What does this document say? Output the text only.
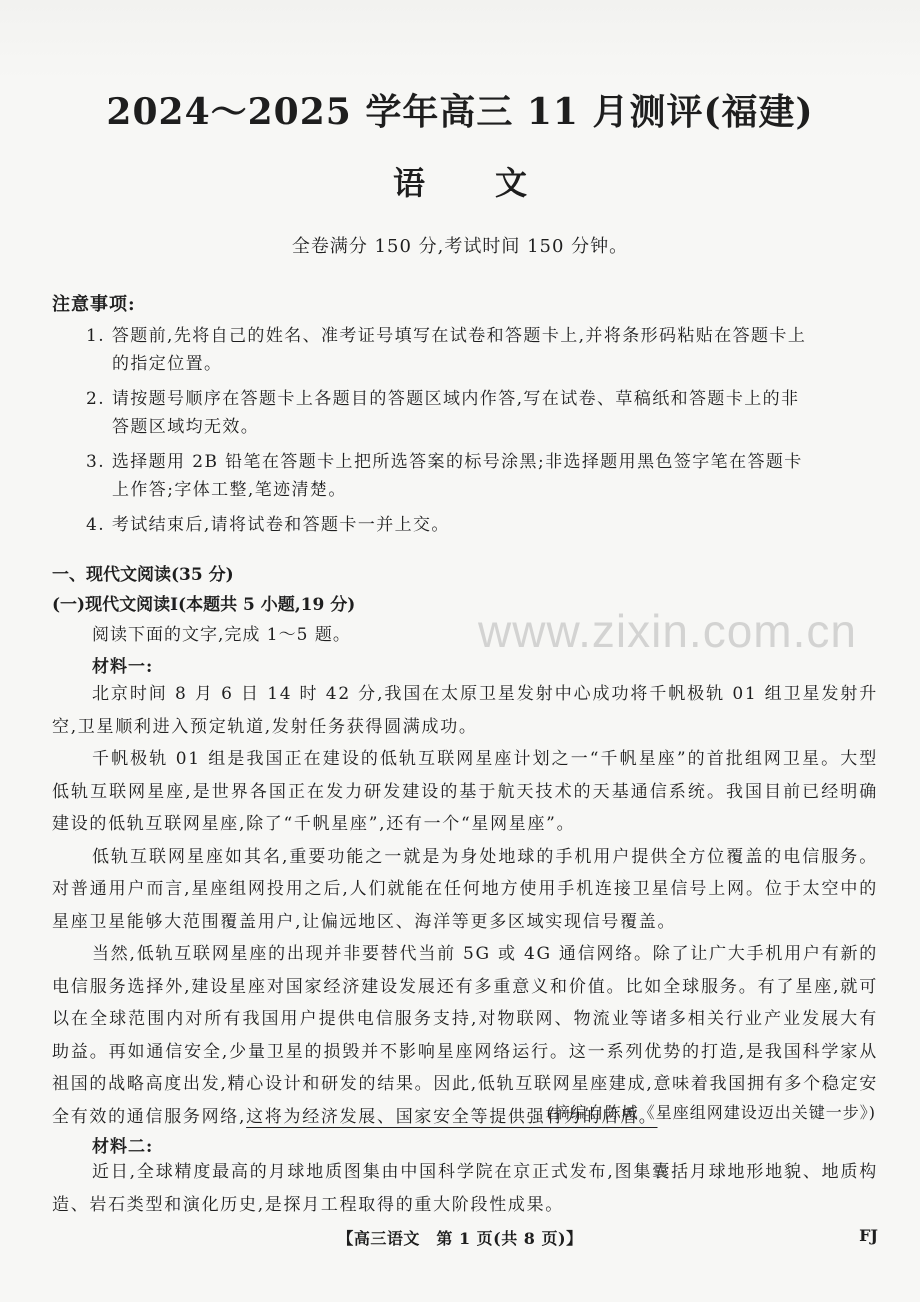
www.zixin.com.cn
2024～2025 学年高三 11 月测评(福建)
语文
全卷满分 150 分,考试时间 150 分钟。
注意事项:
1. 答题前,先将自己的姓名、准考证号填写在试卷和答题卡上,并将条形码粘贴在答题卡上
的指定位置。
2. 请按题号顺序在答题卡上各题目的答题区域内作答,写在试卷、草稿纸和答题卡上的非
答题区域均无效。
3. 选择题用 2B 铅笔在答题卡上把所选答案的标号涂黑;非选择题用黑色签字笔在答题卡
上作答;字体工整,笔迹清楚。
4. 考试结束后,请将试卷和答题卡一并上交。
一、现代文阅读(35 分)
(一)现代文阅读Ⅰ(本题共 5 小题,19 分)
阅读下面的文字,完成 1～5 题。
材料一:

北京时间 8 月 6 日 14 时 42 分,我国在太原卫星发射中心成功将千帆极轨 01 组卫星发射升空,卫星顺利进入预定轨道,发射任务获得圆满成功。

千帆极轨 01 组是我国正在建设的低轨互联网星座计划之一“千帆星座”的首批组网卫星。大型低轨互联网星座,是世界各国正在发力研发建设的基于航天技术的天基通信系统。我国目前已经明确建设的低轨互联网星座,除了“千帆星座”,还有一个“星网星座”。

低轨互联网星座如其名,重要功能之一就是为身处地球的手机用户提供全方位覆盖的电信服务。对普通用户而言,星座组网投用之后,人们就能在任何地方使用手机连接卫星信号上网。位于太空中的星座卫星能够大范围覆盖用户,让偏远地区、海洋等更多区域实现信号覆盖。

当然,低轨互联网星座的出现并非要替代当前 5G 或 4G 通信网络。除了让广大手机用户有新的电信服务选择外,建设星座对国家经济建设发展还有多重意义和价值。比如全球服务。有了星座,就可以在全球范围内对所有我国用户提供电信服务支持,对物联网、物流业等诸多相关行业产业发展大有助益。再如通信安全,少量卫星的损毁并不影响星座网络运行。这一系列优势的打造,是我国科学家从祖国的战略高度出发,精心设计和研发的结果。因此,低轨互联网星座建成,意味着我国拥有多个稳定安全有效的通信服务网络,这将为经济发展、国家安全等提供强有力的后盾。

(摘编自陈城《星座组网建设迈出关键一步》)
材料二:

近日,全球精度最高的月球地质图集由中国科学院在京正式发布,图集囊括月球地形地貌、地质构造、岩石类型和演化历史,是探月工程取得的重大阶段性成果。

【高三语文　第 1 页(共 8 页)】	FJ
